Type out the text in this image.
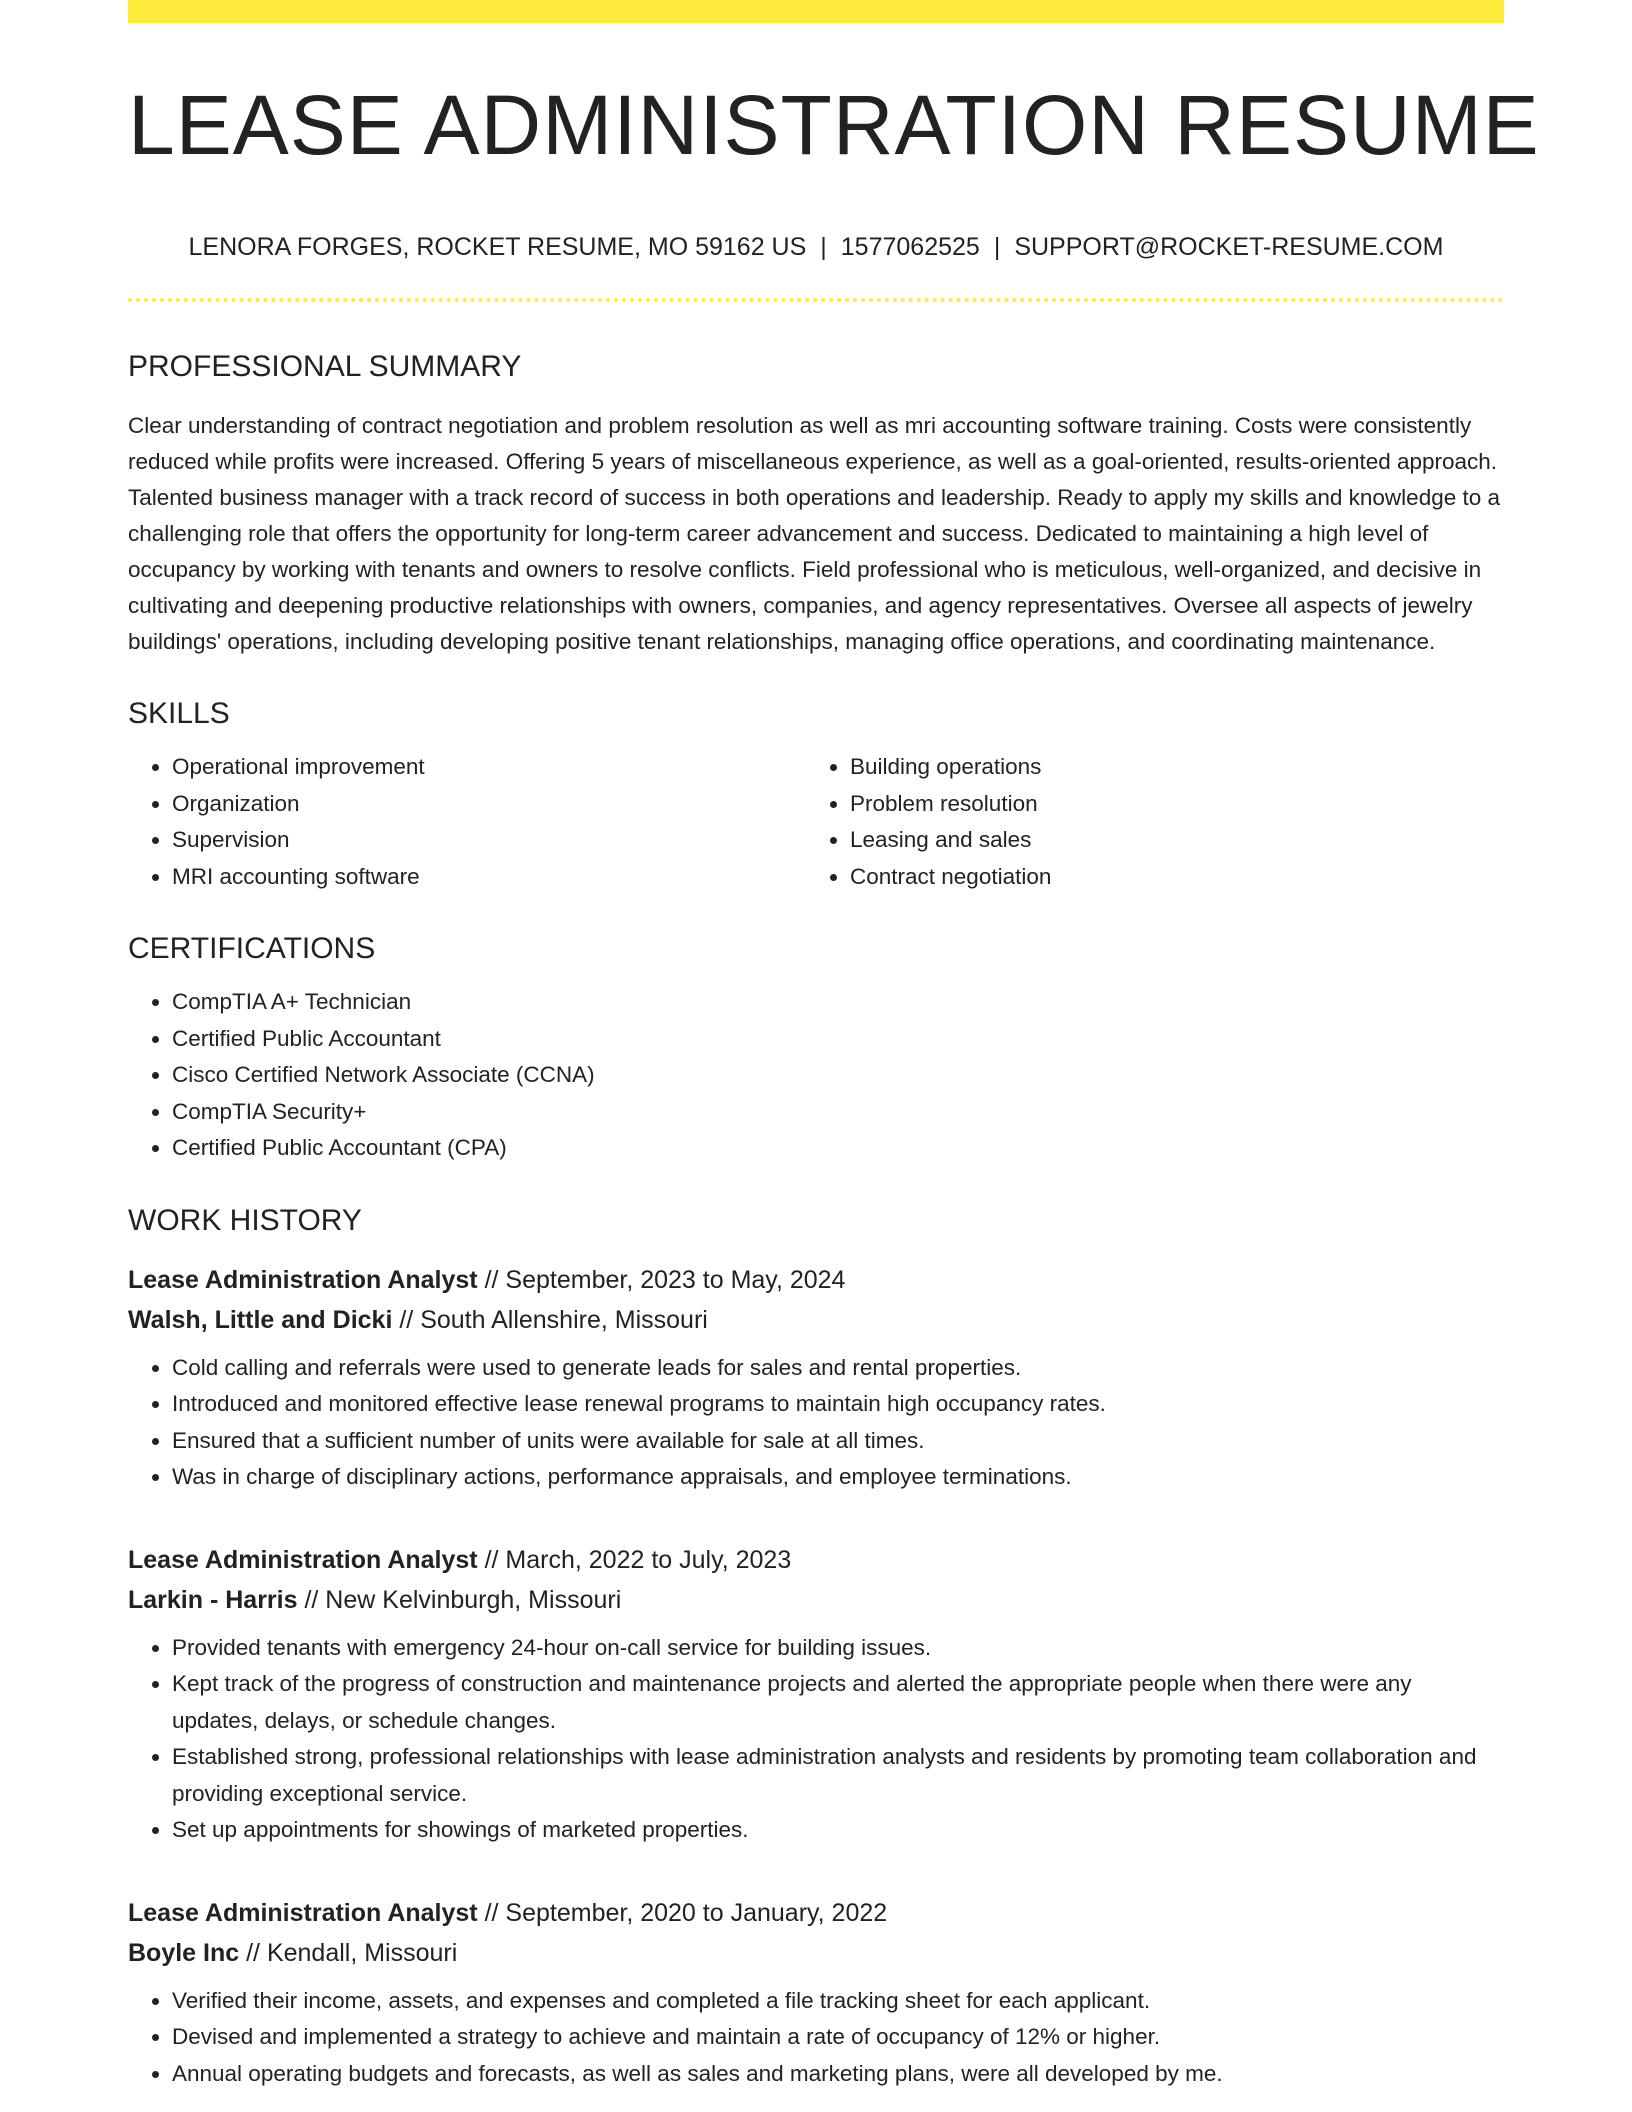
LEASE ADMINISTRATION RESUME
LENORA FORGES, ROCKET RESUME, MO 59162 US | 1577062525 | SUPPORT@ROCKET-RESUME.COM
PROFESSIONAL SUMMARY

Clear understanding of contract negotiation and problem resolution as well as mri accounting software training. Costs were consistently reduced while profits were increased. Offering 5 years of miscellaneous experience, as well as a goal-oriented, results-oriented approach. Talented business manager with a track record of success in both operations and leadership. Ready to apply my skills and knowledge to a challenging role that offers the opportunity for long-term career advancement and success. Dedicated to maintaining a high level of occupancy by working with tenants and owners to resolve conflicts. Field professional who is meticulous, well-organized, and decisive in cultivating and deepening productive relationships with owners, companies, and agency representatives. Oversee all aspects of jewelry buildings' operations, including developing positive tenant relationships, managing office operations, and coordinating maintenance.

SKILLS
• Operational improvement
• Organization
• Supervision
• MRI accounting software
• Building operations
• Problem resolution
• Leasing and sales
• Contract negotiation
CERTIFICATIONS
• CompTIA A+ Technician
• Certified Public Accountant
• Cisco Certified Network Associate (CCNA)
• CompTIA Security+
• Certified Public Accountant (CPA)
WORK HISTORY
Lease Administration Analyst // September, 2023 to May, 2024
Walsh, Little and Dicki // South Allenshire, Missouri
• Cold calling and referrals were used to generate leads for sales and rental properties.
• Introduced and monitored effective lease renewal programs to maintain high occupancy rates.
• Ensured that a sufficient number of units were available for sale at all times.
• Was in charge of disciplinary actions, performance appraisals, and employee terminations.
Lease Administration Analyst // March, 2022 to July, 2023
Larkin - Harris // New Kelvinburgh, Missouri
• Provided tenants with emergency 24-hour on-call service for building issues.
• Kept track of the progress of construction and maintenance projects and alerted the appropriate people when there were any updates, delays, or schedule changes.
• Established strong, professional relationships with lease administration analysts and residents by promoting team collaboration and providing exceptional service.
• Set up appointments for showings of marketed properties.
Lease Administration Analyst // September, 2020 to January, 2022
Boyle Inc // Kendall, Missouri
• Verified their income, assets, and expenses and completed a file tracking sheet for each applicant.
• Devised and implemented a strategy to achieve and maintain a rate of occupancy of 12% or higher.
• Annual operating budgets and forecasts, as well as sales and marketing plans, were all developed by me.
